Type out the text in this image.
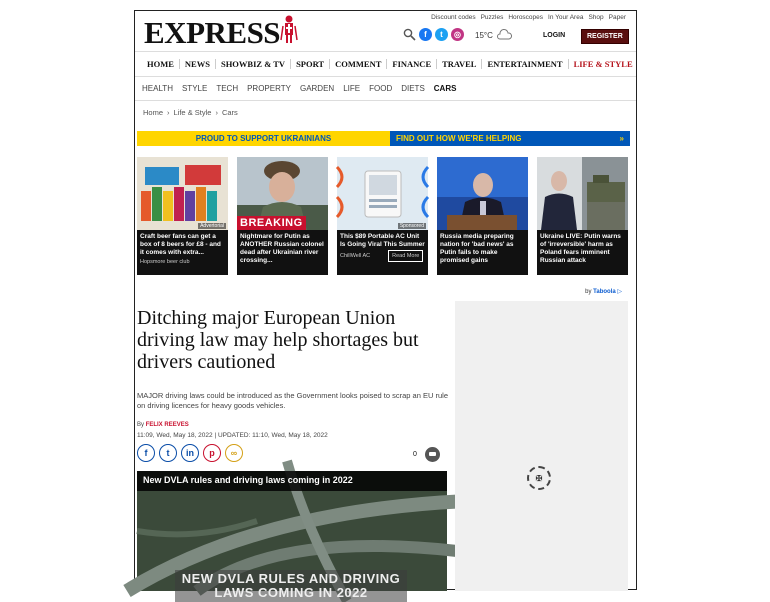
EXPRESS	Discount codes Puzzles Horoscopes In Your Area Shop Paper
f	t	◎	15°C	LOGIN	REGISTER
HOME	NEWS	SHOWBIZ & TV	SPORT	COMMENT	FINANCE	TRAVEL	ENTERTAINMENT	LIFE & STYLE
HEALTH STYLE TECH PROPERTY GARDEN LIFE FOOD DIETS CARS
Home › Life & Style › Cars
PROUD TO SUPPORT UKRAINIANS	FIND OUT HOW WE'RE HELPING	»
Advertorial
Craft beer fans can get a box of 8 beers for £8 - and it comes with extra...
Hopsmore beer club
BREAKING
Nightmare for Putin as ANOTHER Russian colonel dead after Ukrainian river crossing...
Sponsored
This $89 Portable AC Unit Is Going Viral This Summer
ChillWell AC	Read More
Russia media preparing nation for 'bad news' as Putin fails to make promised gains
Ukraine LIVE: Putin warns of 'irreversible' harm as Poland fears imminent Russian attack
by Taboola ▷
Ditching major European Union driving law may help shortages but drivers cautioned

MAJOR driving laws could be introduced as the Government looks poised to scrap an EU rule on driving licences for heavy goods vehicles.

By FELIX REEVES
11:09, Wed, May 18, 2022 | UPDATED: 11:10, Wed, May 18, 2022
f	t	in	p	∞	0
New DVLA rules and driving laws coming in 2022
NEW DVLA RULES AND DRIVING LAWS COMING IN 2022
✠
